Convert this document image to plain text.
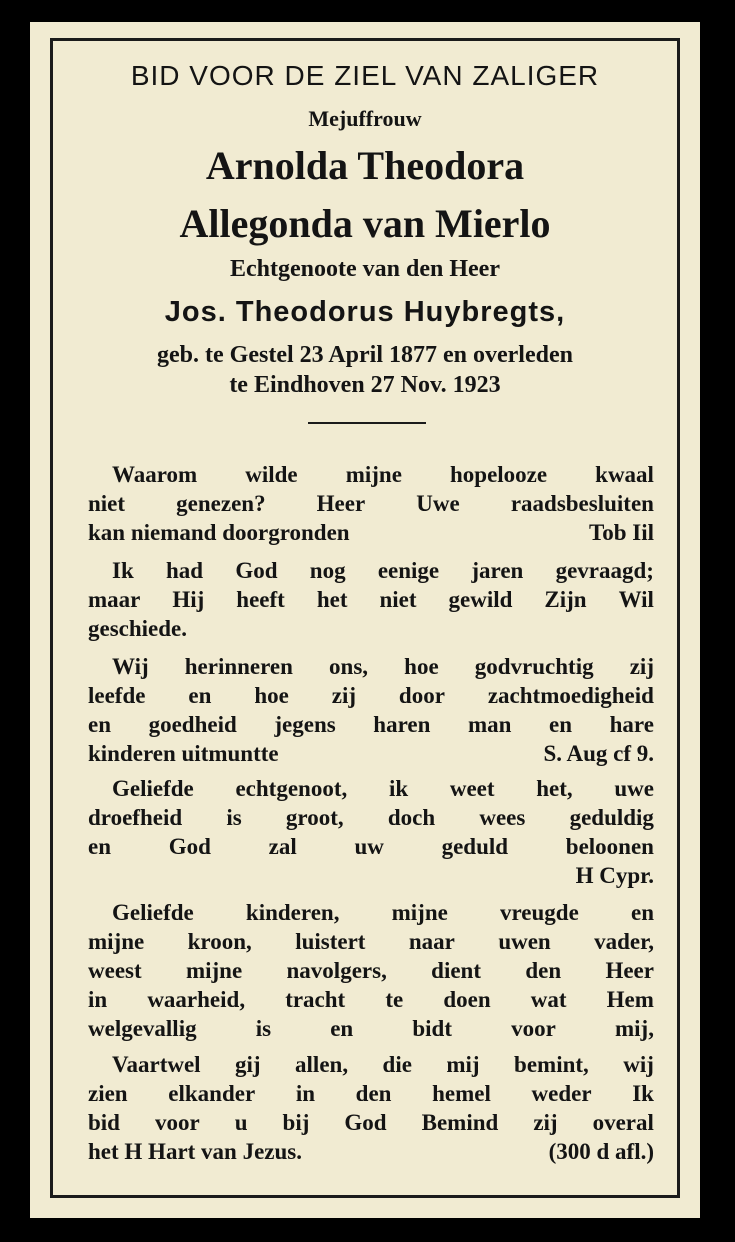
BID VOOR DE ZIEL VAN ZALIGER
Mejuffrouw
Arnolda Theodora
Allegonda van Mierlo
Echtgenoote van den Heer
Jos. Theodorus Huybregts,
geb. te Gestel 23 April 1877 en overleden
te Eindhoven 27 Nov. 1923
Waarom wilde mijne hopelooze kwaal
niet genezen? Heer Uwe raadsbesluiten
kan niemand doorgronden	Tob Iil
Ik had God nog eenige jaren gevraagd;
maar Hij heeft het niet gewild Zijn Wil
geschiede.
Wij herinneren ons, hoe godvruchtig zij
leefde en hoe zij door zachtmoedigheid
en goedheid jegens haren man en hare
kinderen uitmuntte	S. Aug cf 9.
Geliefde echtgenoot, ik weet het, uwe
droefheid is groot, doch wees geduldig
en	God	zal	uw	geduld	beloonen
H Cypr.
Geliefde kinderen, mijne vreugde en
mijne kroon, luistert naar uwen vader,
weest mijne navolgers, dient den Heer
in waarheid, tracht te doen wat Hem
welgevallig	is	en	bidt	voor	mij,
Vaartwel gij allen, die mij bemint, wij
zien elkander in den hemel weder Ik
bid voor u bij God Bemind zij overal
het H Hart van Jezus.	(300 d afl.)
